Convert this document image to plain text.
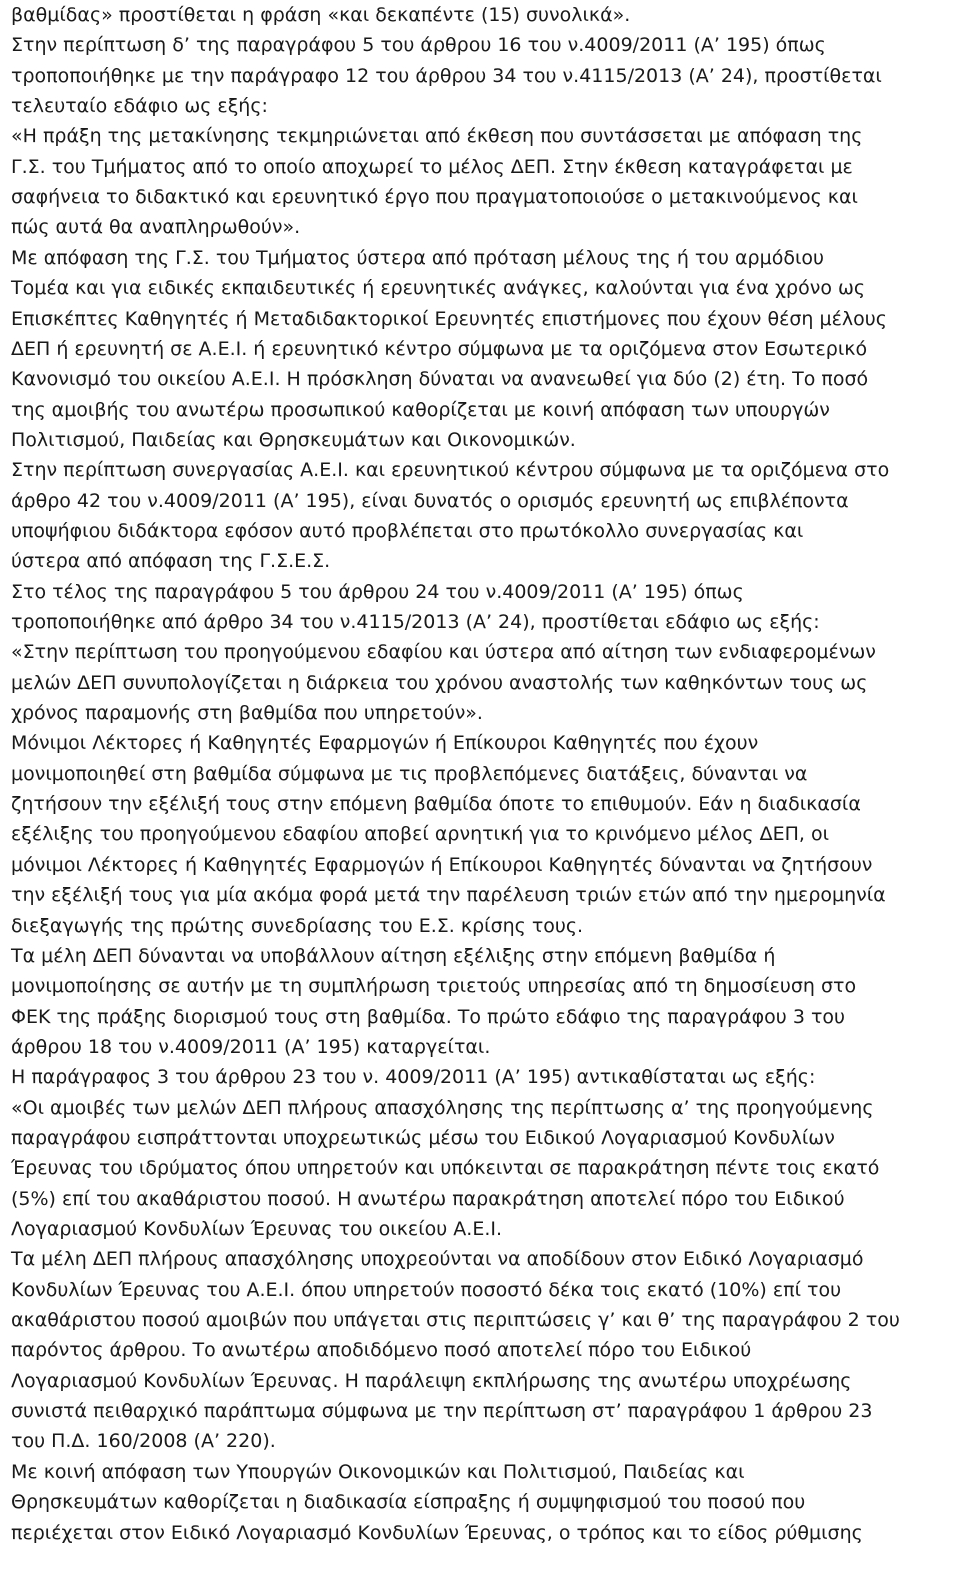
βαθμίδας» προστίθεται η φράση «και δεκαπέντε (15) συνολικά».
Στην περίπτωση δ’ της παραγράφου 5 του άρθρου 16 του ν.4009/2011 (Α’ 195) όπως
τροποποιήθηκε με την παράγραφο 12 του άρθρου 34 του ν.4115/2013 (Α’ 24), προστίθεται
τελευταίο εδάφιο ως εξής:
«Η πράξη της μετακίνησης τεκμηριώνεται από έκθεση που συντάσσεται με απόφαση της
Γ.Σ. του Τμήματος από το οποίο αποχωρεί το μέλος ΔΕΠ. Στην έκθεση καταγράφεται με
σαφήνεια το διδακτικό και ερευνητικό έργο που πραγματοποιούσε ο μετακινούμενος και
πώς αυτά θα αναπληρωθούν».
Με απόφαση της Γ.Σ. του Τμήματος ύστερα από πρόταση μέλους της ή του αρμόδιου
Τομέα και για ειδικές εκπαιδευτικές ή ερευνητικές ανάγκες, καλούνται για ένα χρόνο ως
Επισκέπτες Καθηγητές ή Μεταδιδακτορικοί Ερευνητές επιστήμονες που έχουν θέση μέλους
ΔΕΠ ή ερευνητή σε Α.Ε.Ι. ή ερευνητικό κέντρο σύμφωνα με τα οριζόμενα στον Εσωτερικό
Κανονισμό του οικείου Α.Ε.Ι. Η πρόσκληση δύναται να ανανεωθεί για δύο (2) έτη. Το ποσό
της αμοιβής του ανωτέρω προσωπικού καθορίζεται με κοινή απόφαση των υπουργών
Πολιτισμού, Παιδείας και Θρησκευμάτων και Οικονομικών.
Στην περίπτωση συνεργασίας Α.Ε.Ι. και ερευνητικού κέντρου σύμφωνα με τα οριζόμενα στο
άρθρο 42 του ν.4009/2011 (Α’ 195), είναι δυνατός ο ορισμός ερευνητή ως επιβλέποντα
υποψήφιου διδάκτορα εφόσον αυτό προβλέπεται στο πρωτόκολλο συνεργασίας και
ύστερα από απόφαση της Γ.Σ.Ε.Σ.
Στο τέλος της παραγράφου 5 του άρθρου 24 του ν.4009/2011 (Α’ 195) όπως
τροποποιήθηκε από άρθρο 34 του ν.4115/2013 (Α’ 24), προστίθεται εδάφιο ως εξής:
«Στην περίπτωση του προηγούμενου εδαφίου και ύστερα από αίτηση των ενδιαφερομένων
μελών ΔΕΠ συνυπολογίζεται η διάρκεια του χρόνου αναστολής των καθηκόντων τους ως
χρόνος παραμονής στη βαθμίδα που υπηρετούν».
Μόνιμοι Λέκτορες ή Καθηγητές Εφαρμογών ή Επίκουροι Καθηγητές που έχουν
μονιμοποιηθεί στη βαθμίδα σύμφωνα με τις προβλεπόμενες διατάξεις, δύνανται να
ζητήσουν την εξέλιξή τους στην επόμενη βαθμίδα όποτε το επιθυμούν. Εάν η διαδικασία
εξέλιξης του προηγούμενου εδαφίου αποβεί αρνητική για το κρινόμενο μέλος ΔΕΠ, οι
μόνιμοι Λέκτορες ή Καθηγητές Εφαρμογών ή Επίκουροι Καθηγητές δύνανται να ζητήσουν
την εξέλιξή τους για μία ακόμα φορά μετά την παρέλευση τριών ετών από την ημερομηνία
διεξαγωγής της πρώτης συνεδρίασης του Ε.Σ. κρίσης τους.
Τα μέλη ΔΕΠ δύνανται να υποβάλλουν αίτηση εξέλιξης στην επόμενη βαθμίδα ή
μονιμοποίησης σε αυτήν με τη συμπλήρωση τριετούς υπηρεσίας από τη δημοσίευση στο
ΦΕΚ της πράξης διορισμού τους στη βαθμίδα. Το πρώτο εδάφιο της παραγράφου 3 του
άρθρου 18 του ν.4009/2011 (Α’ 195) καταργείται.
Η παράγραφος 3 του άρθρου 23 του ν. 4009/2011 (Α’ 195) αντικαθίσταται ως εξής:
«Οι αμοιβές των μελών ΔΕΠ πλήρους απασχόλησης της περίπτωσης α’ της προηγούμενης
παραγράφου εισπράττονται υποχρεωτικώς μέσω του Ειδικού Λογαριασμού Κονδυλίων
Έρευνας του ιδρύματος όπου υπηρετούν και υπόκεινται σε παρακράτηση πέντε τοις εκατό
(5%) επί του ακαθάριστου ποσού. Η ανωτέρω παρακράτηση αποτελεί πόρο του Ειδικού
Λογαριασμού Κονδυλίων Έρευνας του οικείου Α.Ε.Ι.
Τα μέλη ΔΕΠ πλήρους απασχόλησης υποχρεούνται να αποδίδουν στον Ειδικό Λογαριασμό
Κονδυλίων Έρευνας του Α.Ε.Ι. όπου υπηρετούν ποσοστό δέκα τοις εκατό (10%) επί του
ακαθάριστου ποσού αμοιβών που υπάγεται στις περιπτώσεις γ’ και θ’ της παραγράφου 2 του
παρόντος άρθρου. Το ανωτέρω αποδιδόμενο ποσό αποτελεί πόρο του Ειδικού
Λογαριασμού Κονδυλίων Έρευνας. Η παράλειψη εκπλήρωσης της ανωτέρω υποχρέωσης
συνιστά πειθαρχικό παράπτωμα σύμφωνα με την περίπτωση στ’ παραγράφου 1 άρθρου 23
του Π.Δ. 160/2008 (Α’ 220).
Με κοινή απόφαση των Υπουργών Οικονομικών και Πολιτισμού, Παιδείας και
Θρησκευμάτων καθορίζεται η διαδικασία είσπραξης ή συμψηφισμού του ποσού που
περιέχεται στον Ειδικό Λογαριασμό Κονδυλίων Έρευνας, ο τρόπος και το είδος ρύθμισης
